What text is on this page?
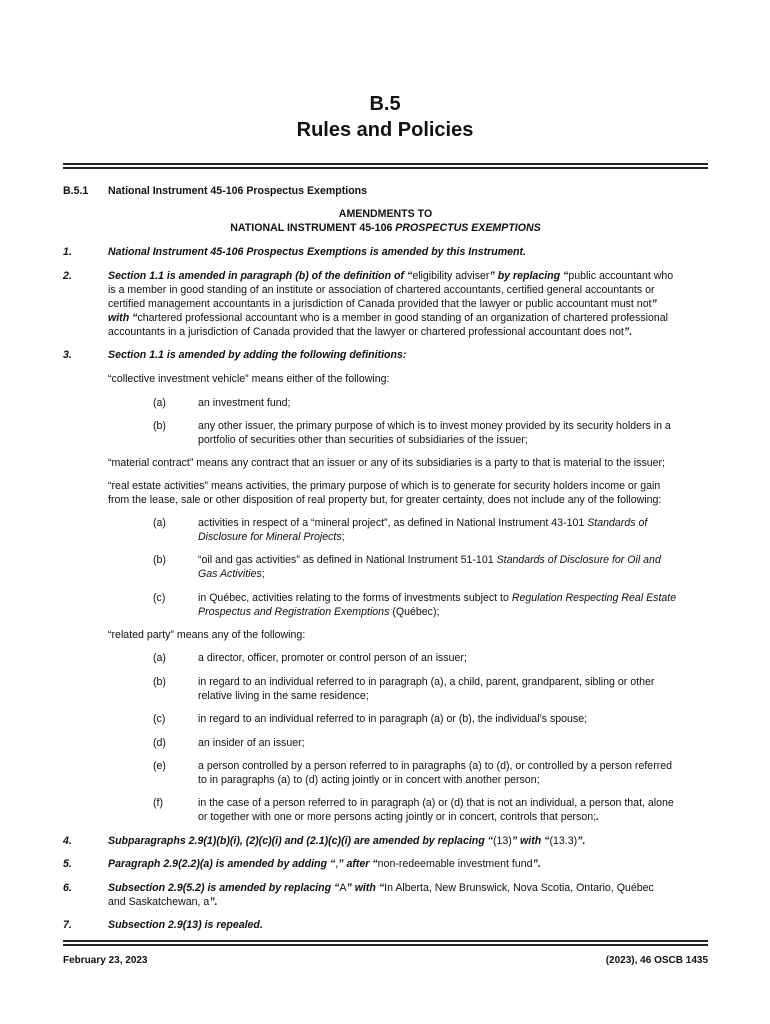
B.5
Rules and Policies
B.5.1 National Instrument 45-106 Prospectus Exemptions
AMENDMENTS TO
NATIONAL INSTRUMENT 45-106 PROSPECTUS EXEMPTIONS
1.	National Instrument 45-106 Prospectus Exemptions is amended by this Instrument.
2.	Section 1.1 is amended in paragraph (b) of the definition of “eligibility adviser” by replacing “public accountant who
is a member in good standing of an institute or association of chartered accountants, certified general accountants or
certified management accountants in a jurisdiction of Canada provided that the lawyer or public accountant must not”
with “chartered professional accountant who is a member in good standing of an organization of chartered professional
accountants in a jurisdiction of Canada provided that the lawyer or chartered professional accountant does not”.
3.	Section 1.1 is amended by adding the following definitions:
“collective investment vehicle” means either of the following:
(a)	an investment fund;
(b)	any other issuer, the primary purpose of which is to invest money provided by its security holders in a
portfolio of securities other than securities of subsidiaries of the issuer;
“material contract” means any contract that an issuer or any of its subsidiaries is a party to that is material to the issuer;
“real estate activities” means activities, the primary purpose of which is to generate for security holders income or gain
from the lease, sale or other disposition of real property but, for greater certainty, does not include any of the following:
(a)	activities in respect of a “mineral project”, as defined in National Instrument 43-101 Standards of
Disclosure for Mineral Projects;
(b)	“oil and gas activities” as defined in National Instrument 51-101 Standards of Disclosure for Oil and
Gas Activities;
(c)	in Québec, activities relating to the forms of investments subject to Regulation Respecting Real Estate
Prospectus and Registration Exemptions (Québec);
“related party” means any of the following:
(a)	a director, officer, promoter or control person of an issuer;
(b)	in regard to an individual referred to in paragraph (a), a child, parent, grandparent, sibling or other
relative living in the same residence;
(c)	in regard to an individual referred to in paragraph (a) or (b), the individual’s spouse;
(d)	an insider of an issuer;
(e)	a person controlled by a person referred to in paragraphs (a) to (d), or controlled by a person referred
to in paragraphs (a) to (d) acting jointly or in concert with another person;
(f)	in the case of a person referred to in paragraph (a) or (d) that is not an individual, a person that, alone
or together with one or more persons acting jointly or in concert, controls that person;.
4.	Subparagraphs 2.9(1)(b)(i), (2)(c)(i) and (2.1)(c)(i) are amended by replacing “(13)” with “(13.3)”.
5.	Paragraph 2.9(2.2)(a) is amended by adding “,” after “non-redeemable investment fund”.
6.	Subsection 2.9(5.2) is amended by replacing “A” with “In Alberta, New Brunswick, Nova Scotia, Ontario, Québec
and Saskatchewan, a”.
7.	Subsection 2.9(13) is repealed.
February 23, 2023	(2023), 46 OSCB 1435
